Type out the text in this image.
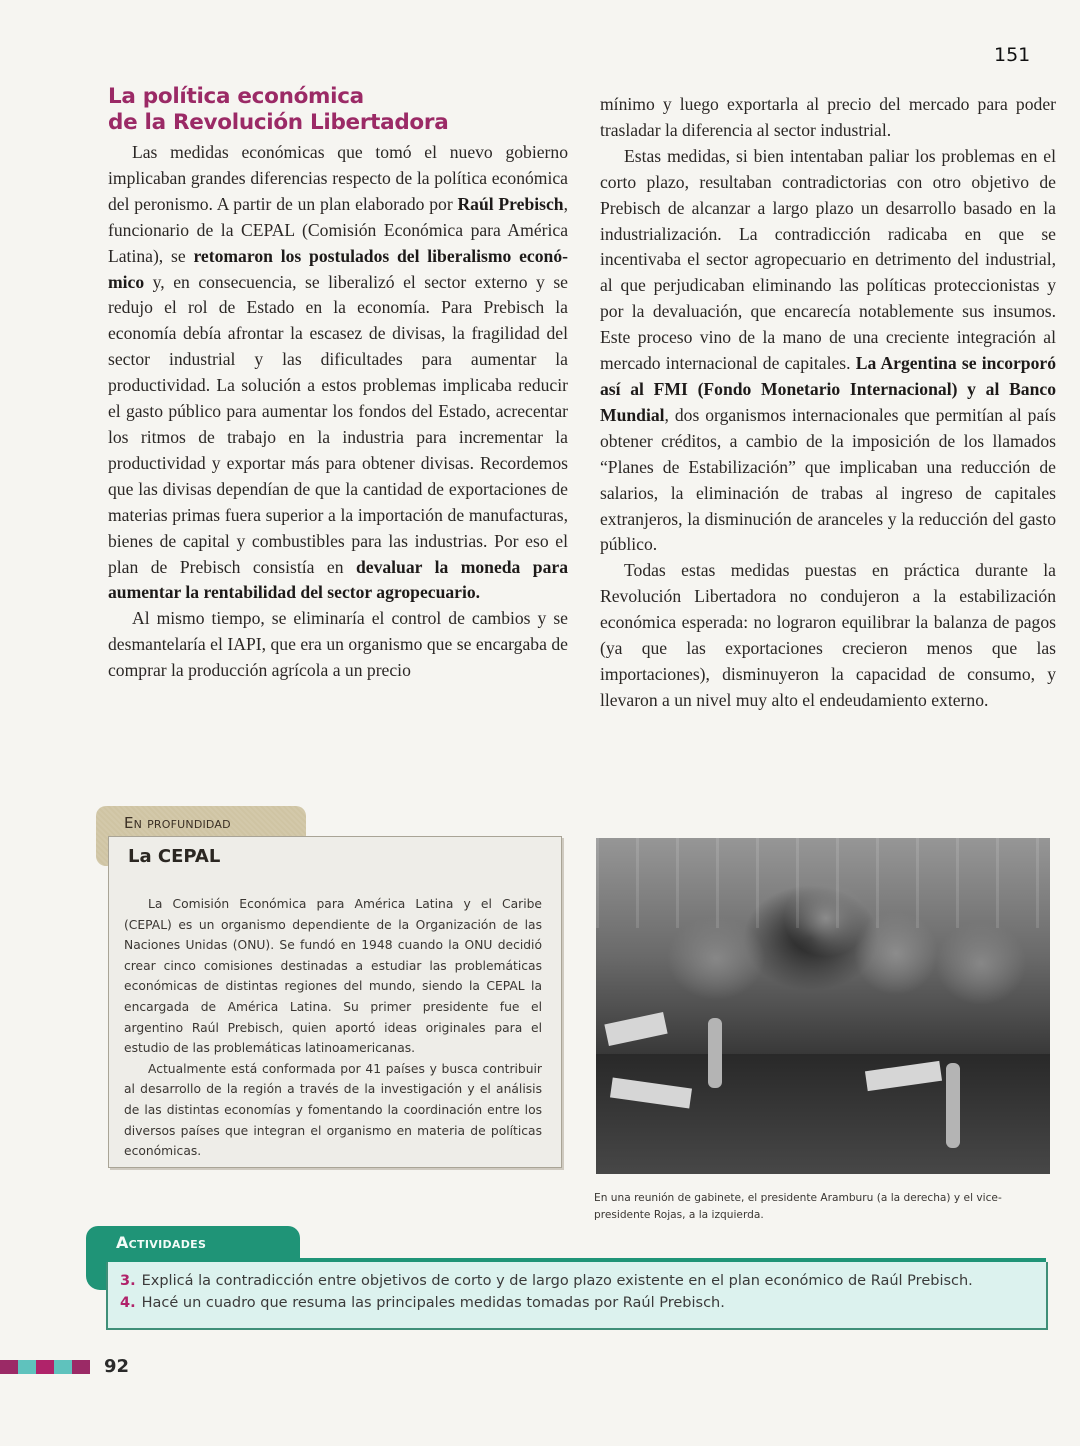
151
La política económica
de la Revolución Libertadora

Las medidas económicas que tomó el nuevo gobierno implicaban grandes diferencias respecto de la política económica del peronismo. A partir de un plan elaborado por Raúl Prebisch, funcionario de la CEPAL (Comisión Económica para América Latina), se retomaron los postulados del liberalismo económico y, en consecuencia, se liberalizó el sector externo y se redujo el rol de Estado en la economía. Para Prebisch la economía debía afrontar la escasez de divisas, la fragilidad del sector industrial y las dificultades para aumentar la productividad. La solución a estos problemas implicaba reducir el gasto público para aumentar los fondos del Estado, acrecentar los ritmos de trabajo en la industria para incrementar la productividad y exportar más para obtener divisas. Recordemos que las divisas dependían de que la cantidad de exportaciones de materias primas fuera superior a la importación de manufacturas, bienes de capital y combustibles para las industrias. Por eso el plan de Prebisch consistía en devaluar la moneda para aumentar la rentabilidad del sector agropecuario.

Al mismo tiempo, se eliminaría el control de cambios y se desmantelaría el IAPI, que era un organismo que se encargaba de comprar la producción agrícola a un precio

mínimo y luego exportarla al precio del mercado para poder trasladar la diferencia al sector industrial.

Estas medidas, si bien intentaban paliar los problemas en el corto plazo, resultaban contradictorias con otro objetivo de Prebisch de alcanzar a largo plazo un desarrollo basado en la industrialización. La contradicción radicaba en que se incentivaba el sector agropecuario en detrimento del industrial, al que perjudicaban eliminando las políticas proteccionistas y por la devaluación, que encarecía notablemente sus insumos. Este proceso vino de la mano de una creciente integración al mercado internacional de capitales. La Argentina se incorporó así al FMI (Fondo Monetario Internacional) y al Banco Mundial, dos organismos internacionales que permitían al país obtener créditos, a cambio de la imposición de los llamados “Planes de Estabilización” que implicaban una reducción de salarios, la eliminación de trabas al ingreso de capitales extranjeros, la disminución de aranceles y la reducción del gasto público.

Todas estas medidas puestas en práctica durante la Revolución Libertadora no condujeron a la estabilización económica esperada: no lograron equilibrar la balanza de pagos (ya que las exportaciones crecieron menos que las importaciones), disminuyeron la capacidad de consumo, y llevaron a un nivel muy alto el endeudamiento externo.

En profundidad
La CEPAL

La Comisión Económica para América Latina y el Caribe (CEPAL) es un organismo dependiente de la Organización de las Naciones Unidas (ONU). Se fundó en 1948 cuando la ONU decidió crear cinco comisiones destinadas a estudiar las problemáticas económicas de distintas regiones del mundo, siendo la CEPAL la encargada de América Latina. Su primer presidente fue el argentino Raúl Prebisch, quien aportó ideas originales para el estudio de las problemáticas latinoamericanas.

Actualmente está conformada por 41 países y busca contribuir al desarrollo de la región a través de la investigación y el análisis de las distintas economías y fomentando la coordinación entre los diversos países que integran el organismo en materia de políticas económicas.

En una reunión de gabinete, el presidente Aramburu (a la derecha) y el vicepresidente Rojas, a la izquierda.
Actividades
3. Explicá la contradicción entre objetivos de corto y de largo plazo existente en el plan económico de Raúl Prebisch.
4. Hacé un cuadro que resuma las principales medidas tomadas por Raúl Prebisch.
92
